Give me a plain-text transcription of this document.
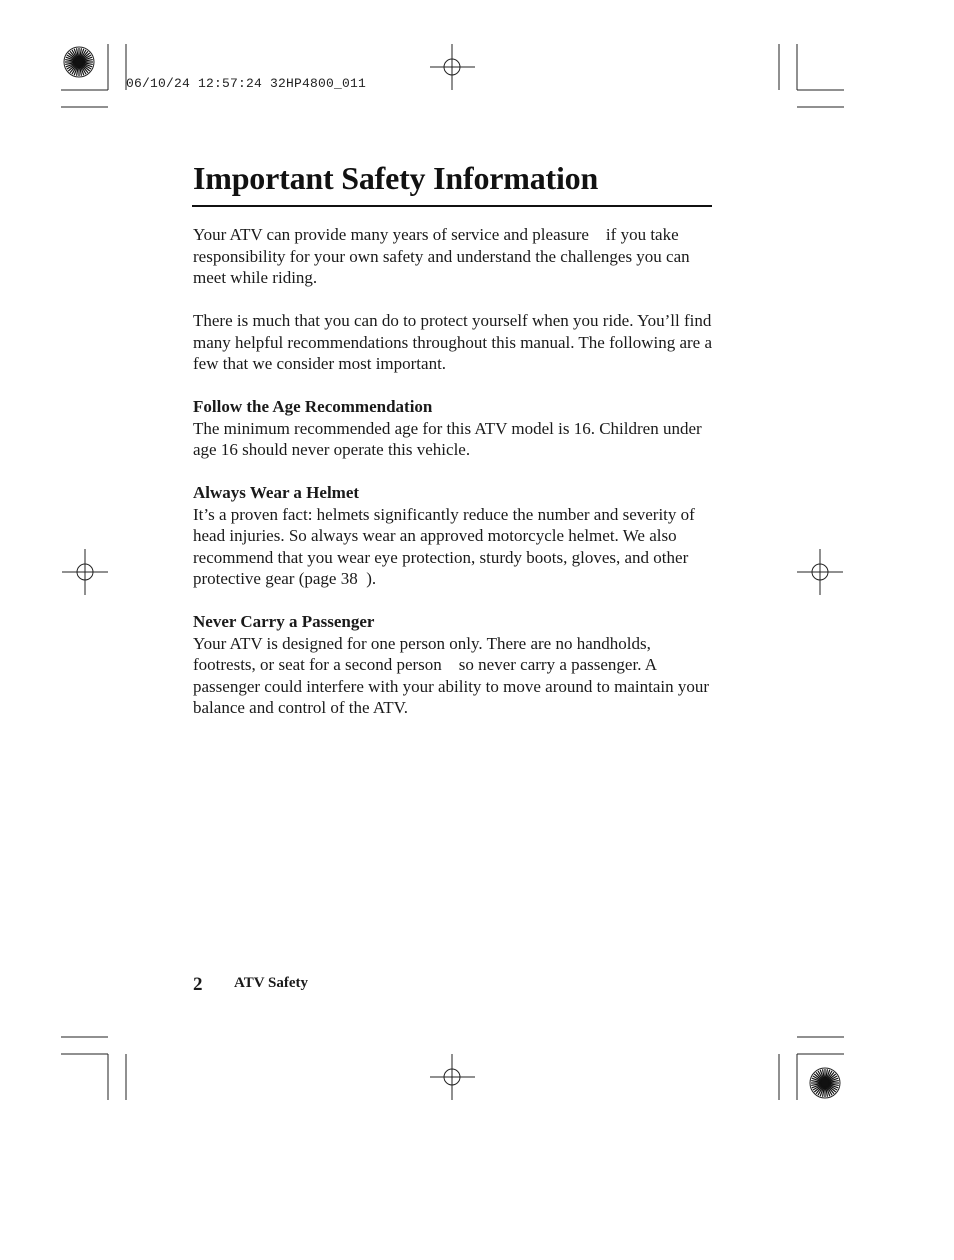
06/10/24 12:57:24 32HP4800_011
Important Safety Information

Your ATV can provide many years of service and pleasure    if you take responsibility for your own safety and understand the challenges you can meet while riding.

There is much that you can do to protect yourself when you ride. You’ll find many helpful recommendations throughout this manual. The following are a few that we consider most important.

Follow the Age Recommendation
The minimum recommended age for this ATV model is 16. Children under age 16 should never operate this vehicle.
Always Wear a Helmet
It’s a proven fact: helmets significantly reduce the number and severity of head injuries. So always wear an approved motorcycle helmet. We also recommend that you wear eye protection, sturdy boots, gloves, and other protective gear (page 38  ).
Never Carry a Passenger
Your ATV is designed for one person only. There are no handholds, footrests, or seat for a second person    so never carry a passenger. A passenger could interfere with your ability to move around to maintain your balance and control of the ATV.
2 ATV Safety
